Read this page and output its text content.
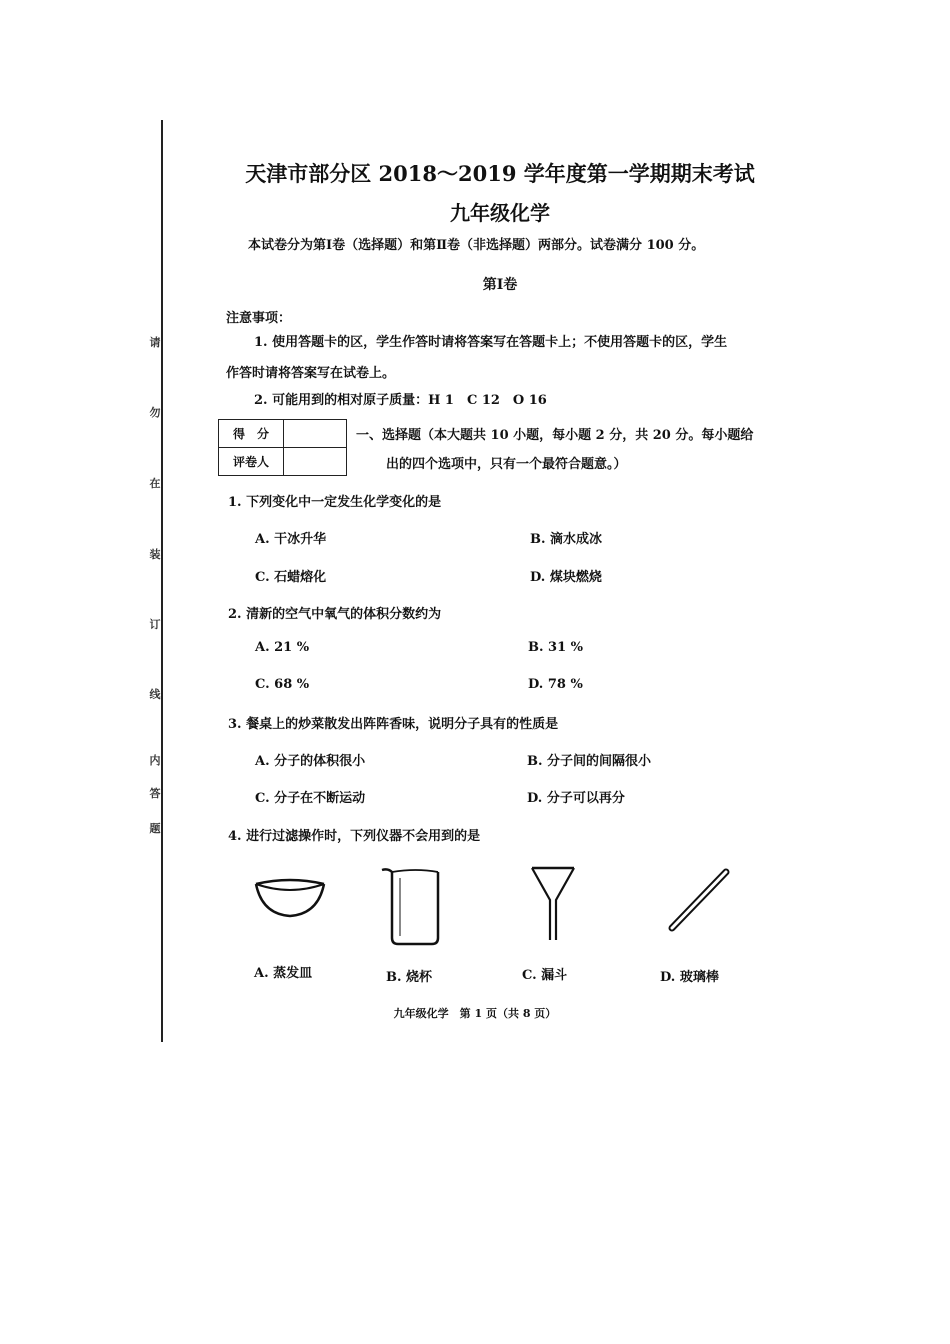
请
勿
在
装
订
线
内
答
题
天津市部分区 2018～2019 学年度第一学期期末考试
九年级化学
本试卷分为第Ⅰ卷（选择题）和第Ⅱ卷（非选择题）两部分。试卷满分 100 分。
第Ⅰ卷
注意事项：
1. 使用答题卡的区，学生作答时请将答案写在答题卡上；不使用答题卡的区，学生
作答时请将答案写在试卷上。
2. 可能用到的相对原子质量：H 1　C 12　O 16
得　分	
评卷人	
一、选择题（本大题共 10 小题，每小题 2 分，共 20 分。每小题给
出的四个选项中，只有一个最符合题意。）
1. 下列变化中一定发生化学变化的是
A. 干冰升华	B. 滴水成冰
C. 石蜡熔化	D. 煤块燃烧
2. 清新的空气中氧气的体积分数约为
A. 21 %	B. 31 %
C. 68 %	D. 78 %
3. 餐桌上的炒菜散发出阵阵香味，说明分子具有的性质是
A. 分子的体积很小	B. 分子间的间隔很小
C. 分子在不断运动	D. 分子可以再分
4. 进行过滤操作时，下列仪器不会用到的是
A. 蒸发皿	B. 烧杯	C. 漏斗	D. 玻璃棒
九年级化学　第 1 页（共 8 页）
